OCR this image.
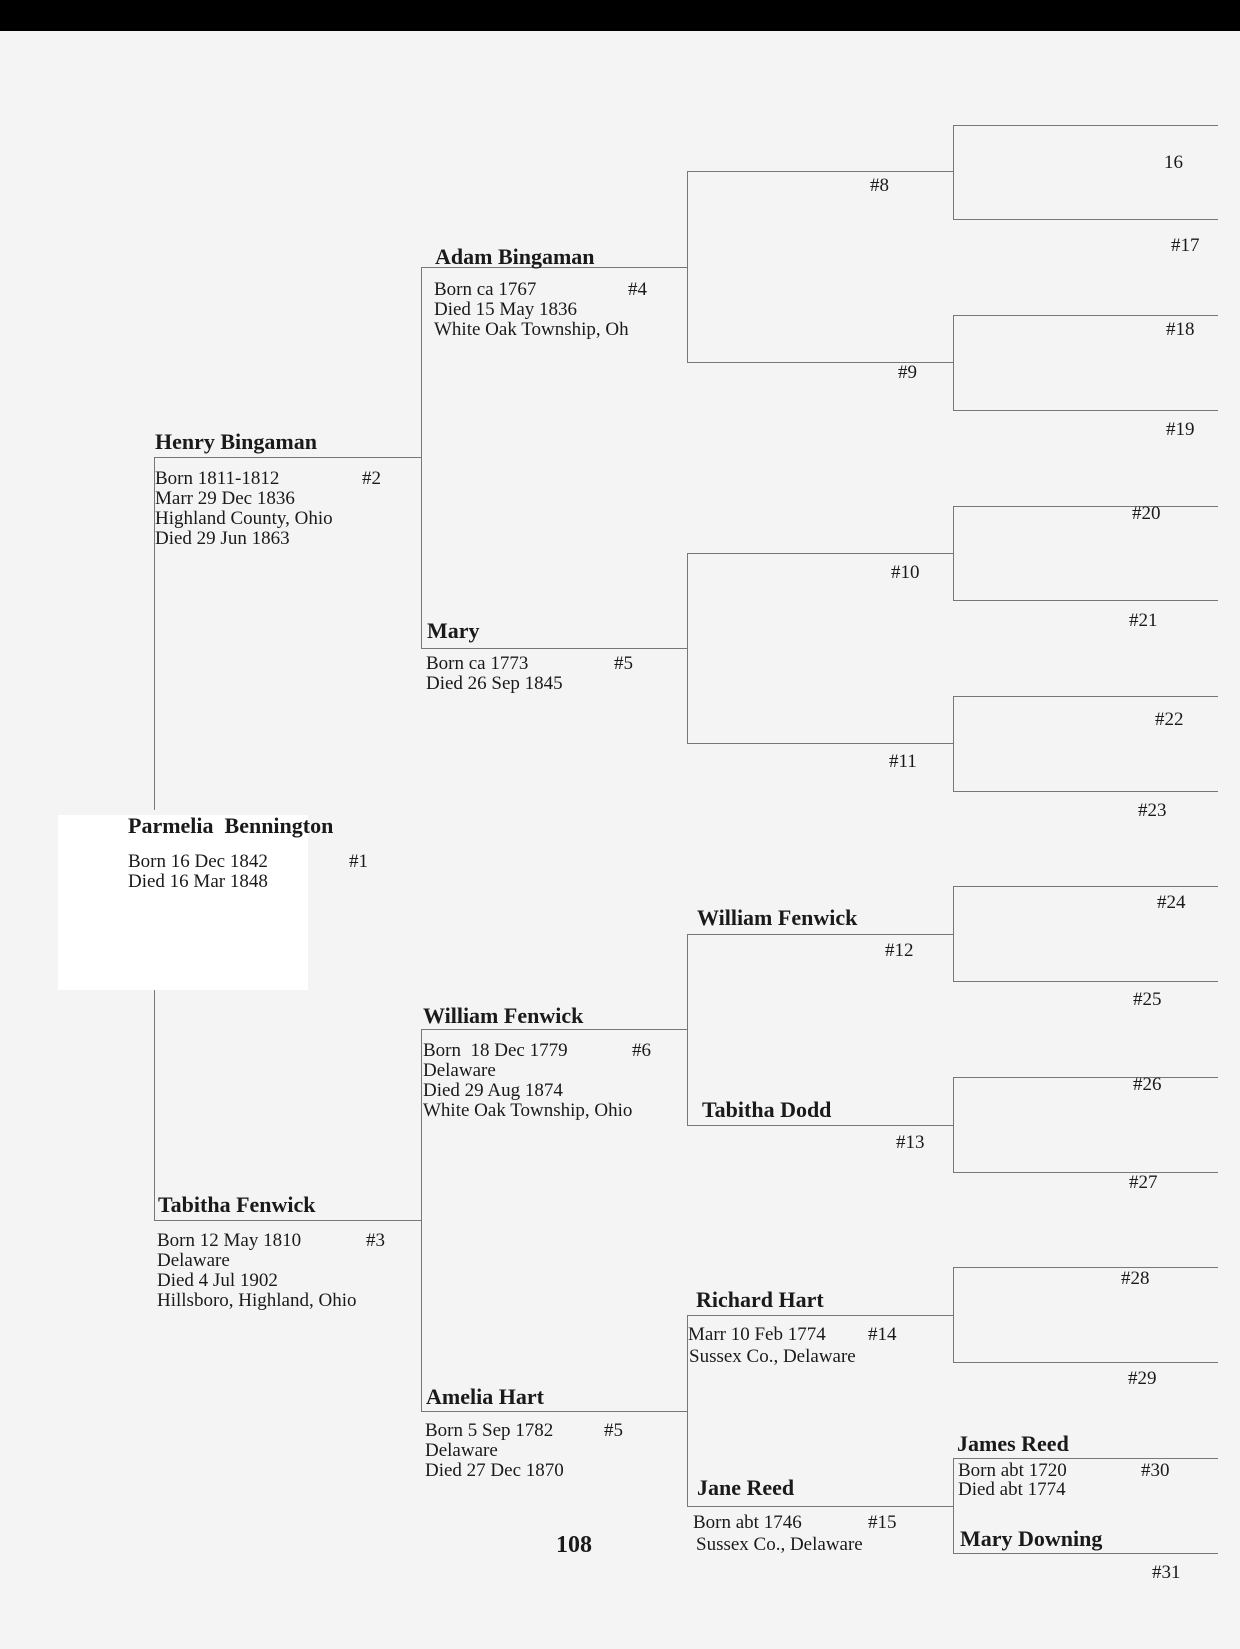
Parmelia  Bennington
Born 16 Dec 1842	#1
Died 16 Mar 1848
Henry Bingaman
Born 1811-1812	#2
Marr 29 Dec 1836
Highland County, Ohio
Died 29 Jun 1863
Tabitha Fenwick
Born 12 May 1810	#3
Delaware
Died 4 Jul 1902
Hillsboro, Highland, Ohio
Adam Bingaman
Born ca 1767	#4
Died 15 May 1836
White Oak Township, Oh
Mary
Born ca 1773	#5
Died 26 Sep 1845
William Fenwick
Born  18 Dec 1779	#6
Delaware
Died 29 Aug 1874
White Oak Township, Ohio
Amelia Hart
Born 5 Sep 1782	#5
Delaware
Died 27 Dec 1870
#8
#9
#10
#11
William Fenwick
#12
Tabitha Dodd
#13
Richard Hart
Marr 10 Feb 1774 #14
Sussex Co., Delaware
Jane Reed
Born abt 1746	#15
Sussex Co., Delaware
16
#17
#18
#19
#20
#21
#22
#23
#24
#25
#26
#27
#28
#29
James Reed
Born abt 1720	#30
Died abt 1774
Mary Downing
#31
108
